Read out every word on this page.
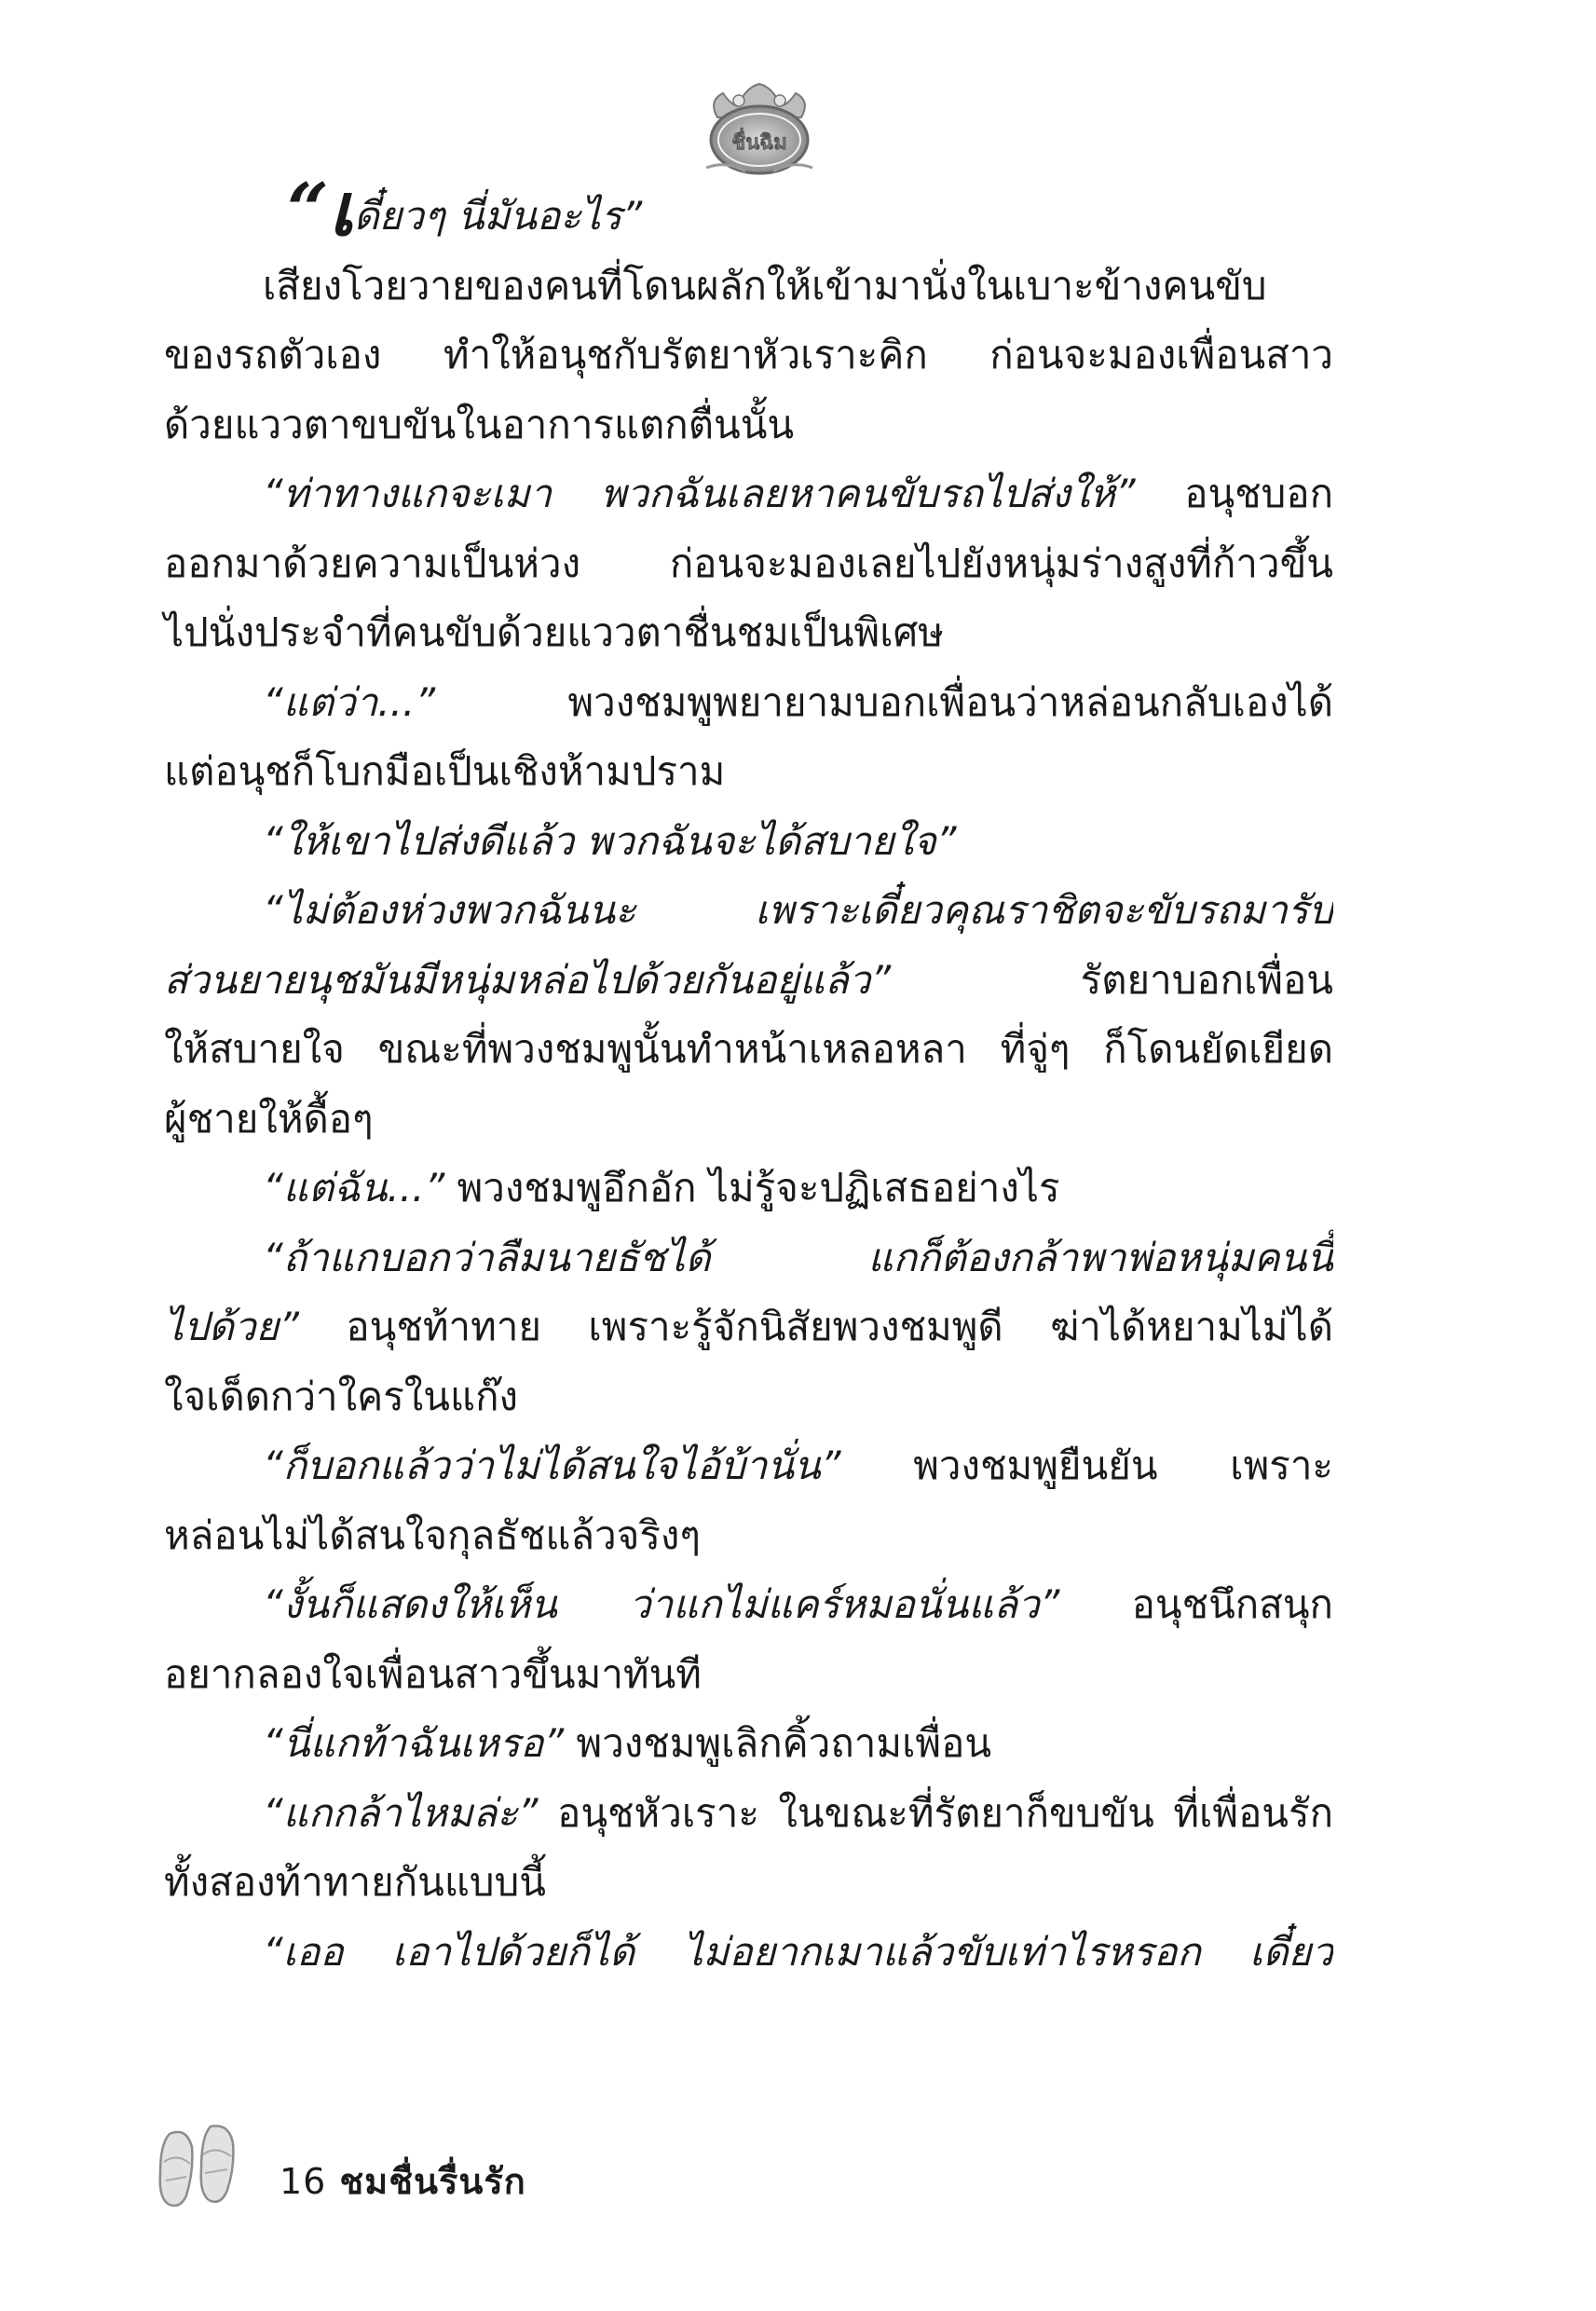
ชื่นฉิม
“เดี๋ยวๆ นี่มันอะไร”
เสียงโวยวายของคนที่โดนผลักให้เข้ามานั่งในเบาะข้างคนขับ
ของรถตัวเอง ทำให้อนุชกับรัตยาหัวเราะคิก ก่อนจะมองเพื่อนสาว
ด้วยแววตาขบขันในอาการแตกตื่นนั้น
“ท่าทางแกจะเมา พวกฉันเลยหาคนขับรถไปส่งให้” อนุชบอก
ออกมาด้วยความเป็นห่วง ก่อนจะมองเลยไปยังหนุ่มร่างสูงที่ก้าวขึ้น
ไปนั่งประจำที่คนขับด้วยแววตาชื่นชมเป็นพิเศษ
“แต่ว่า...” พวงชมพูพยายามบอกเพื่อนว่าหล่อนกลับเองได้
แต่อนุชก็โบกมือเป็นเชิงห้ามปราม
“ให้เขาไปส่งดีแล้ว พวกฉันจะได้สบายใจ”
“ไม่ต้องห่วงพวกฉันนะ เพราะเดี๋ยวคุณราชิตจะขับรถมารับ
ส่วนยายนุชมันมีหนุ่มหล่อไปด้วยกันอยู่แล้ว” รัตยาบอกเพื่อน
ให้สบายใจ ขณะที่พวงชมพูนั้นทำหน้าเหลอหลา ที่จู่ๆ ก็โดนยัดเยียด
ผู้ชายให้ดื้อๆ
“แต่ฉัน...” พวงชมพูอึกอัก ไม่รู้จะปฏิเสธอย่างไร
“ถ้าแกบอกว่าลืมนายธัชได้ แกก็ต้องกล้าพาพ่อหนุ่มคนนี้
ไปด้วย” อนุชท้าทาย เพราะรู้จักนิสัยพวงชมพูดี ฆ่าได้หยามไม่ได้
ใจเด็ดกว่าใครในแก๊ง
“ก็บอกแล้วว่าไม่ได้สนใจไอ้บ้านั่น” พวงชมพูยืนยัน เพราะ
หล่อนไม่ได้สนใจกุลธัชแล้วจริงๆ
“งั้นก็แสดงให้เห็น ว่าแกไม่แคร์หมอนั่นแล้ว” อนุชนึกสนุก
อยากลองใจเพื่อนสาวขึ้นมาทันที
“นี่แกท้าฉันเหรอ” พวงชมพูเลิกคิ้วถามเพื่อน
“แกกล้าไหมล่ะ” อนุชหัวเราะ ในขณะที่รัตยาก็ขบขัน ที่เพื่อนรัก
ทั้งสองท้าทายกันแบบนี้
“เออ เอาไปด้วยก็ได้ ไม่อยากเมาแล้วขับเท่าไรหรอก เดี๋ยว
16 ชมชื่นรื่นรัก
